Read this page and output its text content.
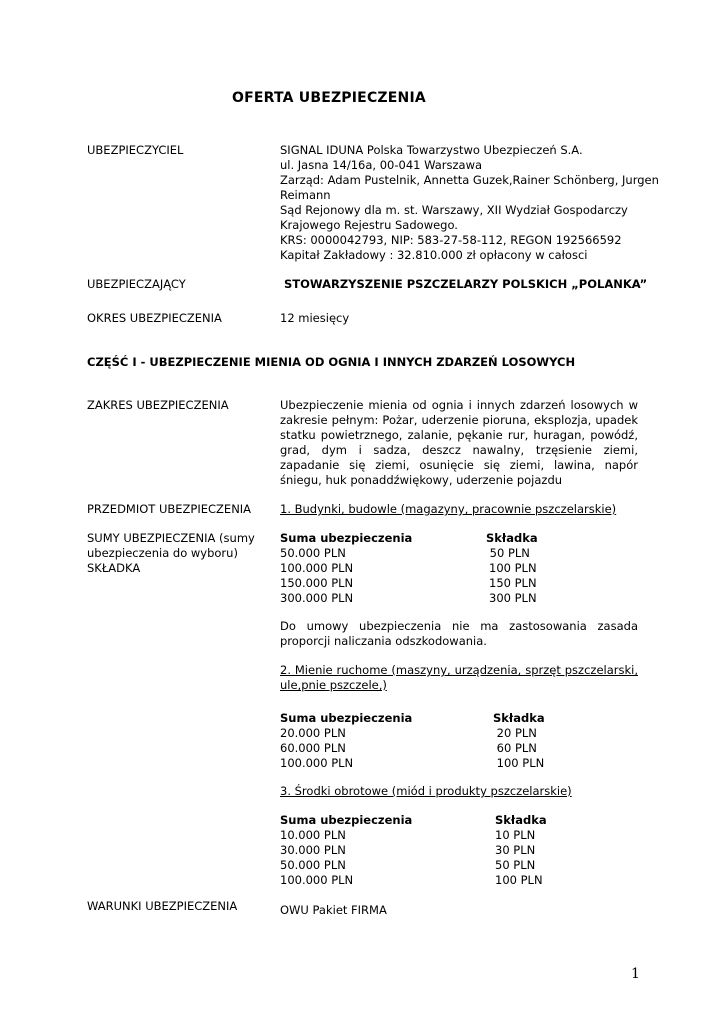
OFERTA UBEZPIECZENIA
UBEZPIECZYCIEL	SIGNAL IDUNA Polska Towarzystwo Ubezpieczeń S.A.
ul. Jasna 14/16a, 00-041 Warszawa
Zarząd: Adam Pustelnik, Annetta Guzek,Rainer Schönberg, Jurgen
Reimann
Sąd Rejonowy dla m. st. Warszawy, XII Wydział Gospodarczy
Krajowego Rejestru Sadowego.
KRS: 0000042793, NIP: 583-27-58-112, REGON 192566592
Kapitał Zakładowy : 32.810.000 zł opłacony w całosci
UBEZPIECZAJĄCY	STOWARZYSZENIE PSZCZELARZY POLSKICH „POLANKA”
OKRES UBEZPIECZENIA	12 miesięcy
CZĘŚĆ I - UBEZPIECZENIE MIENIA OD OGNIA I INNYCH ZDARZEŃ LOSOWYCH
ZAKRES UBEZPIECZENIA	Ubezpieczenie mienia od ognia i innych zdarzeń losowych w zakresie pełnym: Pożar, uderzenie pioruna, eksplozja, upadek statku powietrznego, zalanie, pękanie rur, huragan, powódź, grad, dym i sadza, deszcz nawalny, trzęsienie ziemi, zapadanie się ziemi, osunięcie się ziemi, lawina, napór śniegu, huk ponaddźwiękowy, uderzenie pojazdu
PRZEDMIOT UBEZPIECZENIA	1. Budynki, budowle (magazyny, pracownie pszczelarskie)
SUMY UBEZPIECZENIA (sumy
ubezpieczenia do wyboru)
SKŁADKA
Suma ubezpieczenia	Składka
50.000 PLN	50 PLN
100.000 PLN	100 PLN
150.000 PLN	150 PLN
300.000 PLN	300 PLN
Do umowy ubezpieczenia nie ma zastosowania zasada proporcji naliczania odszkodowania.
2. Mienie ruchome (maszyny, urządzenia, sprzęt pszczelarski,
ule,pnie pszczele,)
Suma ubezpieczenia	Składka
20.000 PLN	20 PLN
60.000 PLN	60 PLN
100.000 PLN	100 PLN
3. Środki obrotowe (miód i produkty pszczelarskie)
Suma ubezpieczenia	Składka
10.000 PLN	10 PLN
30.000 PLN	30 PLN
50.000 PLN	50 PLN
100.000 PLN	100 PLN
WARUNKI UBEZPIECZENIA	OWU Pakiet FIRMA
1
